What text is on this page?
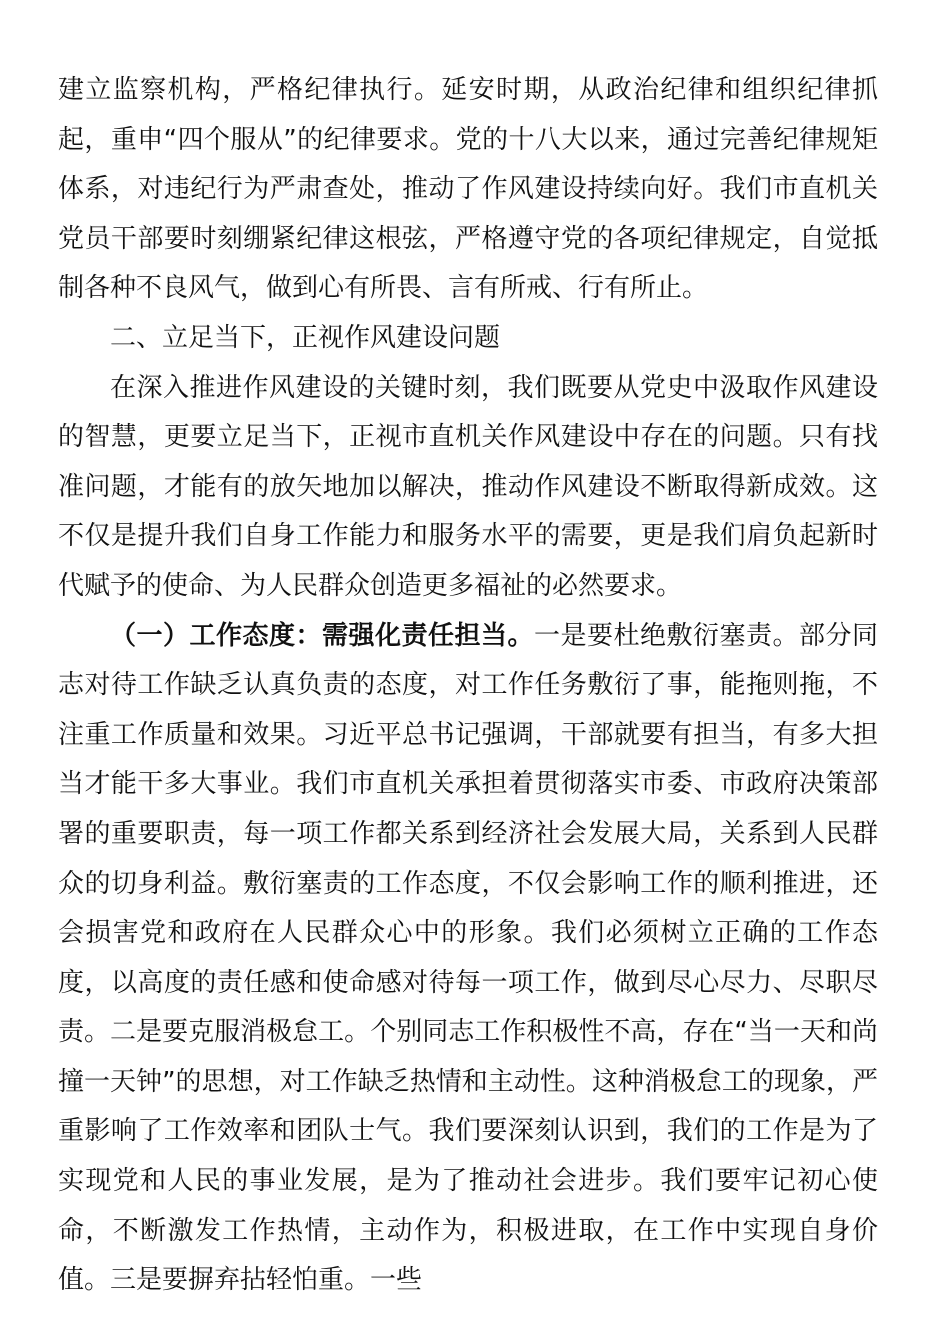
建立监察机构，严格纪律执行。延安时期，从政治纪律和组织纪律抓起，重申“四个服从”的纪律要求。党的十八大以来，通过完善纪律规矩体系，对违纪行为严肃查处，推动了作风建设持续向好。我们市直机关党员干部要时刻绷紧纪律这根弦，严格遵守党的各项纪律规定，自觉抵制各种不良风气，做到心有所畏、言有所戒、行有所止。

二、立足当下，正视作风建设问题

在深入推进作风建设的关键时刻，我们既要从党史中汲取作风建设的智慧，更要立足当下，正视市直机关作风建设中存在的问题。只有找准问题，才能有的放矢地加以解决，推动作风建设不断取得新成效。这不仅是提升我们自身工作能力和服务水平的需要，更是我们肩负起新时代赋予的使命、为人民群众创造更多福祉的必然要求。

（一）工作态度：需强化责任担当。一是要杜绝敷衍塞责。部分同志对待工作缺乏认真负责的态度，对工作任务敷衍了事，能拖则拖，不注重工作质量和效果。习近平总书记强调，干部就要有担当，有多大担当才能干多大事业。我们市直机关承担着贯彻落实市委、市政府决策部署的重要职责，每一项工作都关系到经济社会发展大局，关系到人民群众的切身利益。敷衍塞责的工作态度，不仅会影响工作的顺利推进，还会损害党和政府在人民群众心中的形象。我们必须树立正确的工作态度，以高度的责任感和使命感对待每一项工作，做到尽心尽力、尽职尽责。二是要克服消极怠工。个别同志工作积极性不高，存在“当一天和尚撞一天钟”的思想，对工作缺乏热情和主动性。这种消极怠工的现象，严重影响了工作效率和团队士气。我们要深刻认识到，我们的工作是为了实现党和人民的事业发展，是为了推动社会进步。我们要牢记初心使命，不断激发工作热情，主动作为，积极进取，在工作中实现自身价值。三是要摒弃拈轻怕重。一些
